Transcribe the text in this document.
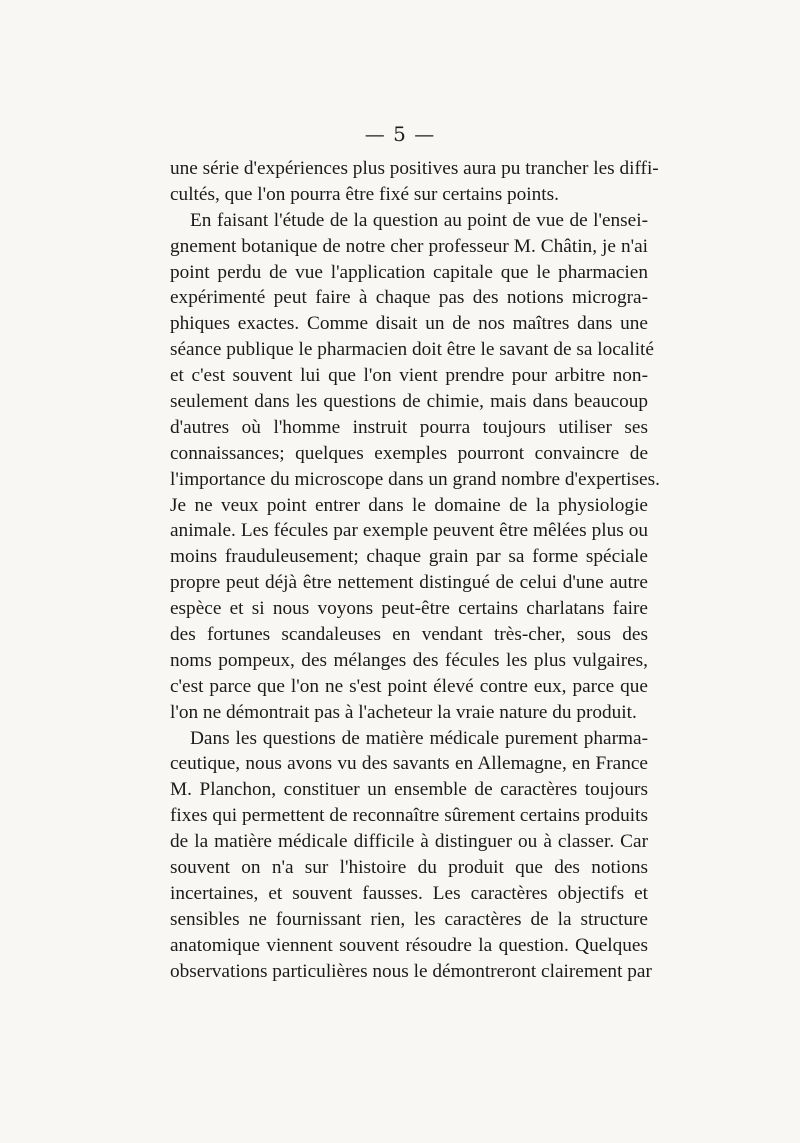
— 5 —
une série d'expériences plus positives aura pu trancher les diffi-
cultés, que l'on pourra être fixé sur certains points.
En faisant l'étude de la question au point de vue de l'ensei-
gnement botanique de notre cher professeur M. Châtin, je n'ai
point perdu de vue l'application capitale que le pharmacien
expérimenté peut faire à chaque pas des notions microgra-
phiques exactes. Comme disait un de nos maîtres dans une
séance publique le pharmacien doit être le savant de sa localité
et c'est souvent lui que l'on vient prendre pour arbitre non-
seulement dans les questions de chimie, mais dans beaucoup
d'autres où l'homme instruit pourra toujours utiliser ses
connaissances; quelques exemples pourront convaincre de
l'importance du microscope dans un grand nombre d'expertises.
Je ne veux point entrer dans le domaine de la physiologie
animale. Les fécules par exemple peuvent être mêlées plus ou
moins frauduleusement; chaque grain par sa forme spéciale
propre peut déjà être nettement distingué de celui d'une autre
espèce et si nous voyons peut-être certains charlatans faire
des fortunes scandaleuses en vendant très-cher, sous des
noms pompeux, des mélanges des fécules les plus vulgaires,
c'est parce que l'on ne s'est point élevé contre eux, parce que
l'on ne démontrait pas à l'acheteur la vraie nature du produit.
Dans les questions de matière médicale purement pharma-
ceutique, nous avons vu des savants en Allemagne, en France
M. Planchon, constituer un ensemble de caractères toujours
fixes qui permettent de reconnaître sûrement certains produits
de la matière médicale difficile à distinguer ou à classer. Car
souvent on n'a sur l'histoire du produit que des notions
incertaines, et souvent fausses. Les caractères objectifs et
sensibles ne fournissant rien, les caractères de la structure
anatomique viennent souvent résoudre la question. Quelques
observations particulières nous le démontreront clairement par
